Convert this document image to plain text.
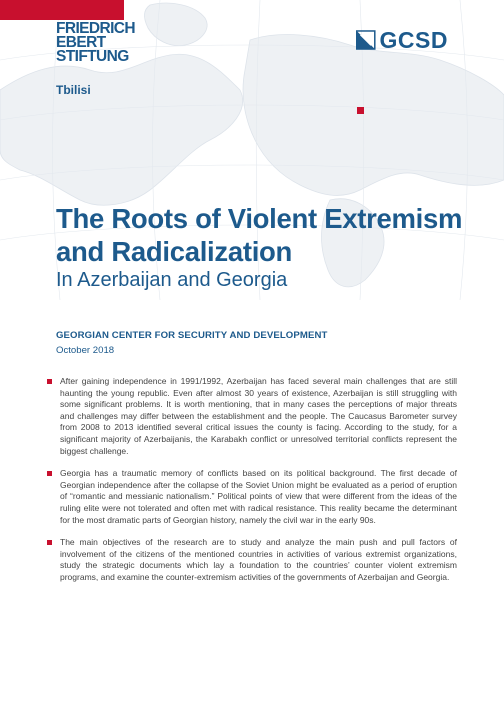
FRIEDRICH
EBERT
STIFTUNG
Tbilisi
GCSD
The Roots of Violent Extremism and Radicalization
In Azerbaijan and Georgia
GEORGIAN CENTER FOR SECURITY AND DEVELOPMENT
October 2018
After gaining independence in 1991/1992, Azerbaijan has faced several main challenges that are still haunting the young republic. Even after almost 30 years of existence, Azerbaijan is still struggling with some significant problems. It is worth mentioning, that in many cases the perceptions of major threats and challenges may differ between the establishment and the people. The Caucasus Barometer survey from 2008 to 2013 identified several critical issues the county is facing. According to the study, for a significant majority of Azerbaijanis, the Karabakh conflict or unresolved territorial conflicts represent the biggest challenge.
Georgia has a traumatic memory of conflicts based on its political background. The first decade of Georgian independence after the collapse of the Soviet Union might be evaluated as a period of eruption of “romantic and messianic nationalism.” Political points of view that were different from the ideas of the ruling elite were not tolerated and often met with radical resistance. This reality became the determinant for the most dramatic parts of Georgian history, namely the civil war in the early 90s.
The main objectives of the research are to study and analyze the main push and pull factors of involvement of the citizens of the mentioned countries in activities of various extremist organizations, study the strategic documents which lay a foundation to the countries’ counter violent extremism programs, and examine the counter-extremism activities of the governments of Azerbaijan and Georgia.
